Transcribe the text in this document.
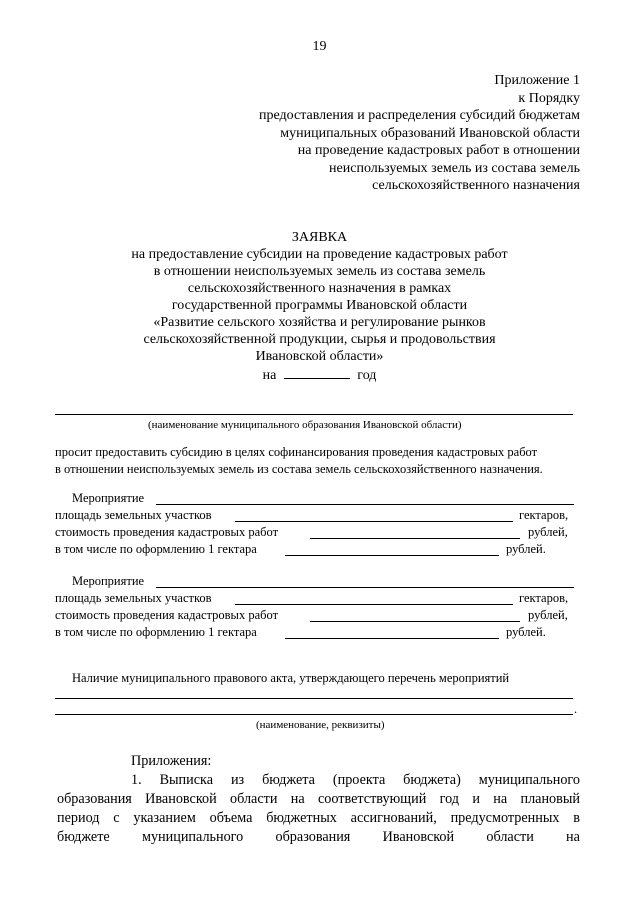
19
Приложение 1
к Порядку
предоставления и распределения субсидий бюджетам
муниципальных образований Ивановской области
на проведение кадастровых работ в отношении
неиспользуемых земель из состава земель
сельскохозяйственного назначения
ЗАЯВКА
на предоставление субсидии на проведение кадастровых работ
в отношении неиспользуемых земель из состава земель
сельскохозяйственного назначения в рамках
государственной программы Ивановской области
«Развитие сельского хозяйства и регулирование рынков
сельскохозяйственной продукции, сырья и продовольствия
Ивановской области»
на	год
(наименование муниципального образования Ивановской области)
просит предоставить субсидию в целях софинансирования проведения кадастровых работ
в отношении неиспользуемых земель из состава земель сельскохозяйственного назначения.
Мероприятие
площадь земельных участков	гектаров,
стоимость проведения кадастровых работ	рублей,
в том числе по оформлению 1 гектара	рублей.
Мероприятие
площадь земельных участков	гектаров,
стоимость проведения кадастровых работ	рублей,
в том числе по оформлению 1 гектара	рублей.
Наличие муниципального правового акта, утверждающего перечень мероприятий
.
(наименование, реквизиты)
Приложения:
1. Выписка из бюджета (проекта бюджета) муниципального
образования Ивановской области на соответствующий год и на плановый
период с указанием объема бюджетных ассигнований, предусмотренных в
бюджете муниципального образования Ивановской области на
